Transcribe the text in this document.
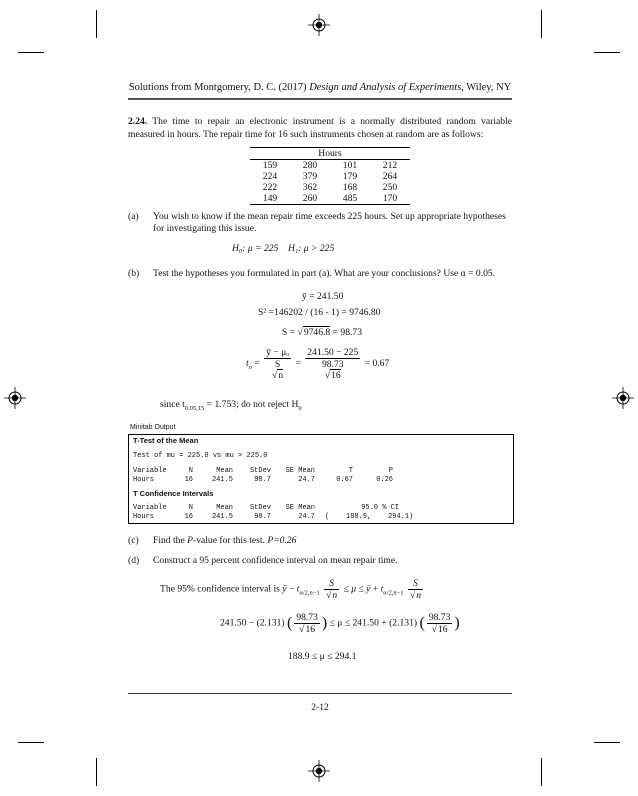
Solutions from Montgomery, D. C. (2017) Design and Analysis of Experiments, Wiley, NY
2.24. The time to repair an electronic instrument is a normally distributed random variable measured in hours. The repair time for 16 such instruments chosen at random are as follows:
Hours			
159	280	101	212
224	379	179	264
222	362	168	250
149	260	485	170
(a) You wish to know if the mean repair time exceeds 225 hours. Set up appropriate hypotheses for investigating this issue.
H₀: μ = 225 H₁: μ > 225
(b) Test the hypotheses you formulated in part (a). What are your conclusions? Use α = 0.05.
ȳ = 241.50
S² =146202 / (16 - 1) = 9746.80
S = √9746.8 = 98.73
$t_o$ =
ȳ − μₒ
S
√n
=
241.50 − 225
98.73
√16
= 0.67
since $t_{0.05,15} = 1.753$; do not reject $H_0$
Minitab Output
T-Test of the Mean
Test of mu = 225.0 vs mu > 225.0
Variable	N	Mean	StDev	SE Mean	T	P
Hours	16	241.5	98.7	24.7	0.67	0.26
T Confidence Intervals
Variable	N	Mean	StDev	SE Mean	95.0 % CI
Hours	16	241.5	98.7	24.7 (    188.9,    294.1)
(c) Find the P-value for this test. P=0.26
(d) Construct a 95 percent confidence interval on mean repair time.
The 95% confidence interval is ȳ − $t_{\alpha/2,n-1} \frac{S}{√n} \le \mu$ ≤ ȳ + $t_{\alpha/2,n-1} \frac{S}{√n}$
241.50 − (2.131) ( $\frac{98.73}{√16}$ ) ≤ μ ≤ 241.50 + (2.131) ( $\frac{98.73}{√16}$ )
188.9 ≤ μ ≤ 294.1
2-12
